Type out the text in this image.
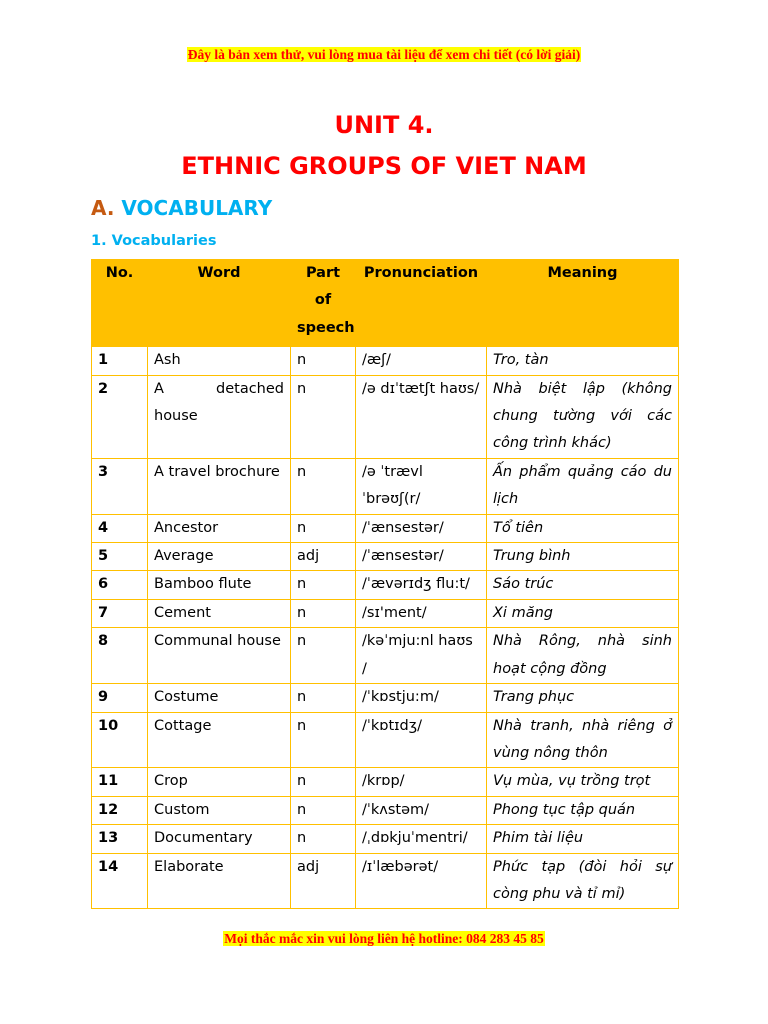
Đây là bản xem thử, vui lòng mua tài liệu để xem chi tiết (có lời giải)
UNIT 4.
ETHNIC GROUPS OF VIET NAM
A. VOCABULARY
1. Vocabularies
No.	Word	Part of speech	Pronunciation	Meaning
1	Ash	n	/æʃ/	Tro, tàn
2	A detached house	n	/ə dɪˈtætʃt haʊs/	Nhà biệt lập (không chung tường với các công trình khác)
3	A travel brochure	n	/ə ˈtrævl ˈbrəʊʃ(r/	Ấn phẩm quảng cáo du lịch
4	Ancestor	n	/ˈænsestər/	Tổ tiên
5	Average	adj	/ˈænsestər/	Trung bình
6	Bamboo flute	n	/ˈævərɪdʒ flu:t/	Sáo trúc
7	Cement	n	/sɪ'ment/	Xi măng
8	Communal house	n	/kəˈmju:nl haʊs /	Nhà Rông, nhà sinh hoạt cộng đồng
9	Costume	n	/ˈkɒstju:m/	Trang phục
10	Cottage	n	/ˈkɒtɪdʒ/	Nhà tranh, nhà riêng ở vùng nông thôn
11	Crop	n	/krɒp/	Vụ mùa, vụ trồng trọt
12	Custom	n	/ˈkʌstəm/	Phong tục tập quán
13	Documentary	n	/ˌdɒkjuˈmentri/	Phim tài liệu
14	Elaborate	adj	/ɪˈlæbərət/	Phức tạp (đòi hỏi sự còng phu và tỉ mỉ)
Mọi thắc mắc xin vui lòng liên hệ hotline: 084 283 45 85
